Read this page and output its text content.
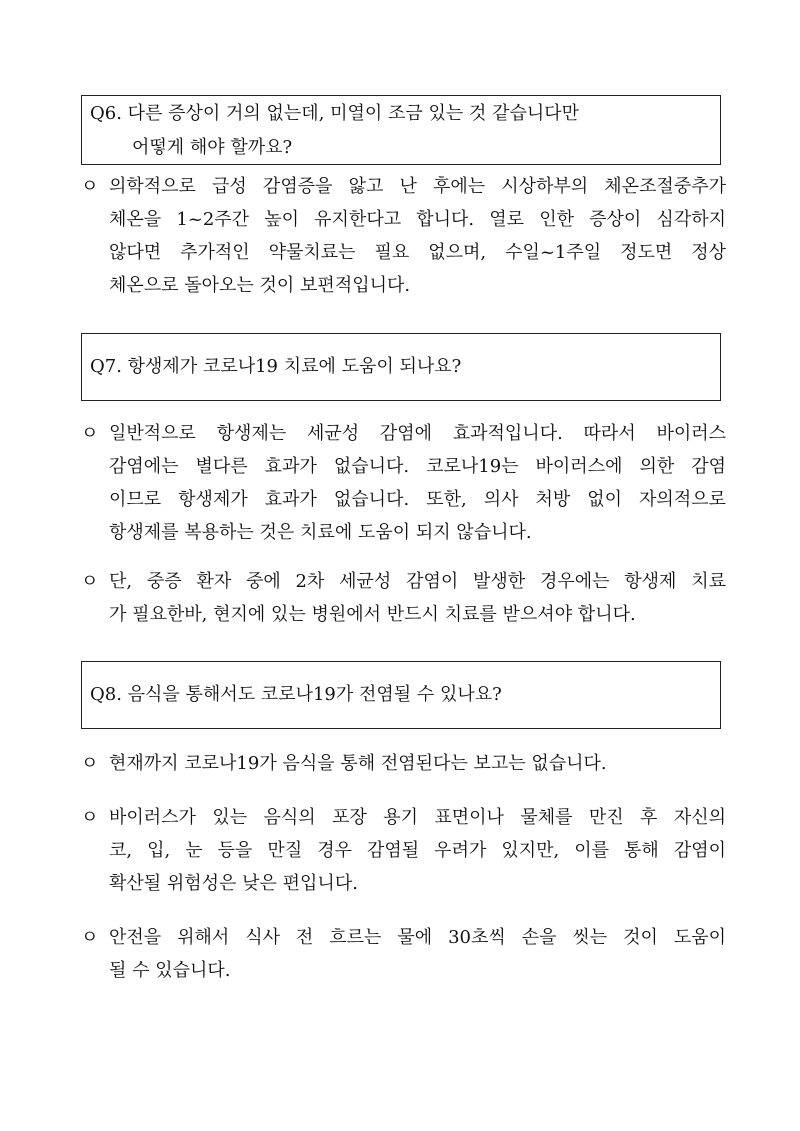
Q6. 다른 증상이 거의 없는데, 미열이 조금 있는 것 같습니다만
어떻게 해야 할까요?
ㅇ 의학적으로 급성 감염증을 앓고 난 후에는 시상하부의 체온조절중추가
체온을 1~2주간 높이 유지한다고 합니다. 열로 인한 증상이 심각하지
않다면 추가적인 약물치료는 필요 없으며, 수일~1주일 정도면 정상
체온으로 돌아오는 것이 보편적입니다.
Q7. 항생제가 코로나19 치료에 도움이 되나요?
ㅇ 일반적으로 항생제는 세균성 감염에 효과적입니다. 따라서 바이러스
감염에는 별다른 효과가 없습니다. 코로나19는 바이러스에 의한 감염
이므로 항생제가 효과가 없습니다. 또한, 의사 처방 없이 자의적으로
항생제를 복용하는 것은 치료에 도움이 되지 않습니다.
ㅇ 단, 중증 환자 중에 2차 세균성 감염이 발생한 경우에는 항생제 치료
가 필요한바, 현지에 있는 병원에서 반드시 치료를 받으셔야 합니다.
Q8. 음식을 통해서도 코로나19가 전염될 수 있나요?
ㅇ 현재까지 코로나19가 음식을 통해 전염된다는 보고는 없습니다.
ㅇ 바이러스가 있는 음식의 포장 용기 표면이나 물체를 만진 후 자신의
코, 입, 눈 등을 만질 경우 감염될 우려가 있지만, 이를 통해 감염이
확산될 위험성은 낮은 편입니다.
ㅇ 안전을 위해서 식사 전 흐르는 물에 30초씩 손을 씻는 것이 도움이
될 수 있습니다.
